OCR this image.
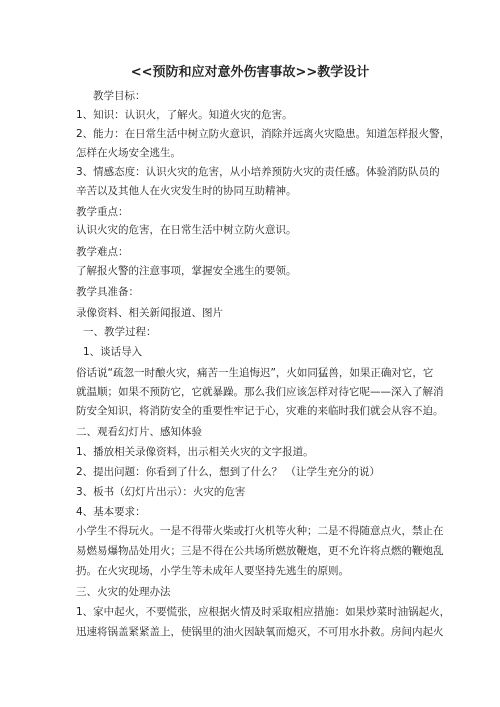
<<预防和应对意外伤害事故>>教学设计
教学目标：
1、知识：认识火，了解火。知道火灾的危害。
2、能力：在日常生活中树立防火意识，消除并远离火灾隐患。知道怎样报火警，
怎样在火场安全逃生。
3、情感态度：认识火灾的危害，从小培养预防火灾的责任感。体验消防队员的
辛苦以及其他人在火灾发生时的协同互助精神。
教学重点：
认识火灾的危害，在日常生活中树立防火意识。
教学难点：
了解报火警的注意事项，掌握安全逃生的要领。
教学具准备：
录像资料、相关新闻报道、图片
一、教学过程：
1、谈话导入
俗话说“疏忽一时酿火灾，痛苦一生追悔迟”，火如同猛兽，如果正确对它，它
就温顺；如果不预防它，它就暴躁。那么我们应该怎样对待它呢——深入了解消
防安全知识，将消防安全的重要性牢记于心，灾难的来临时我们就会从容不迫。
二、观看幻灯片、感知体验
1、播放相关录像资料，出示相关火灾的文字报道。
2、提出问题：你看到了什么，想到了什么？ （让学生充分的说）
3、板书（幻灯片出示）：火灾的危害
4、基本要求：
小学生不得玩火。一是不得带火柴或打火机等火种；二是不得随意点火，禁止在
易燃易爆物品处用火；三是不得在公共场所燃放鞭炮，更不允许将点燃的鞭炮乱
扔。在火灾现场，小学生等未成年人要坚持先逃生的原则。
三、火灾的处理办法
1、家中起火，不要慌张，应根据火情及时采取相应措施：如果炒菜时油锅起火，
迅速将锅盖紧紧盖上，使锅里的油火因缺氧而熄灭，不可用水扑救。房间内起火
